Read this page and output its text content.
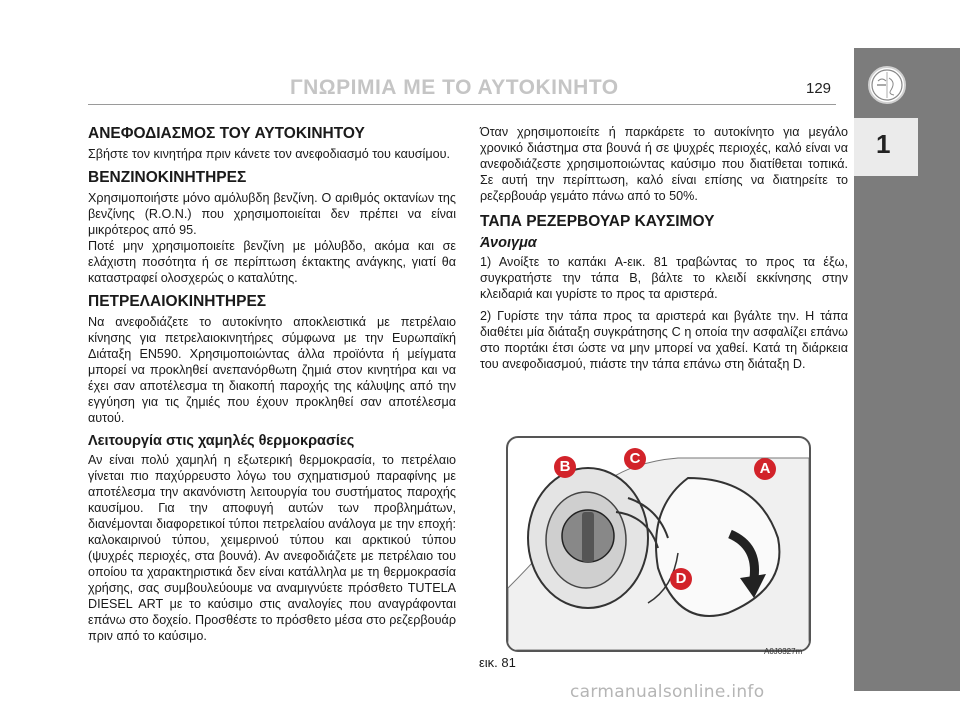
ΓΝΩΡΙΜΙΑ ΜΕ ΤΟ ΑΥΤΟΚΙΝΗΤΟ	129
1
ΑΝΕΦΟΔΙΑΣΜΟΣ ΤΟΥ ΑΥΤΟΚΙΝΗΤΟΥ

Σβήστε τον κινητήρα πριν κάνετε τον ανεφοδιασμό του καυσίμου.

ΒΕΝΖΙΝΟΚΙΝΗΤΗΡΕΣ

Χρησιμοποιήστε μόνο αμόλυβδη βενζίνη. Ο αριθμός οκτανίων της βενζίνης (R.O.N.) που χρησιμοποιείται δεν πρέπει να είναι μικρότερος από 95.

Ποτέ μην χρησιμοποιείτε βενζίνη με μόλυβδο, ακόμα και σε ελάχιστη ποσότητα ή σε περίπτωση έκτακτης ανάγκης, γιατί θα καταστραφεί ολοσχερώς ο καταλύτης.

ΠΕΤΡΕΛΑΙΟΚΙΝΗΤΗΡΕΣ

Να ανεφοδιάζετε το αυτοκίνητο αποκλειστικά με πετρέλαιο κίνησης για πετρελαιοκινητήρες σύμφωνα με την Ευρωπαϊκή Διάταξη EN590. Χρησιμοποιώντας άλλα προϊόντα ή μείγματα μπορεί να προκληθεί ανεπανόρθωτη ζημιά στον κινητήρα και να έχει σαν αποτέλεσμα τη διακοπή παροχής της κάλυψης από την εγγύηση για τις ζημιές που έχουν προκληθεί σαν αποτέλεσμα αυτού.

Λειτουργία στις χαμηλές θερμοκρασίες

Αν είναι πολύ χαμηλή η εξωτερική θερμοκρασία, το πετρέλαιο γίνεται πιο παχύρρευστο λόγω του σχηματισμού παραφίνης με αποτέλεσμα την ακανόνιστη λειτουργία του συστήματος παροχής καυσίμου. Για την αποφυγή αυτών των προβλημάτων, διανέμονται διαφορετικοί τύποι πετρελαίου ανάλογα με την εποχή: καλοκαιρινού τύπου, χειμερινού τύπου και αρκτικού τύπου (ψυχρές περιοχές, στα βουνά). Αν ανεφοδιάζετε με πετρέλαιο του οποίου τα χαρακτηριστικά δεν είναι κατάλληλα με τη θερμοκρασία χρήσης, σας συμβουλεύουμε να αναμιγνύετε πρόσθετο TUTELA DIESEL ART με το καύσιμο στις αναλογίες που αναγράφονται επάνω στο δοχείο. Προσθέστε το πρόσθετο μέσα στο ρεζερβουάρ πριν από το καύσιμο.

Όταν χρησιμοποιείτε ή παρκάρετε το αυτοκίνητο για μεγάλο χρονικό διάστημα στα βουνά ή σε ψυχρές περιοχές, καλό είναι να ανεφοδιάζεστε χρησιμοποιώντας καύσιμο που διατίθεται τοπικά. Σε αυτή την περίπτωση, καλό είναι επίσης να διατηρείτε το ρεζερβουάρ γεμάτο πάνω από το 50%.

ΤΑΠΑ ΡΕΖΕΡΒΟΥΑΡ ΚΑΥΣΙΜΟΥ
Άνοιγμα

1) Ανοίξτε το καπάκι A-εικ. 81 τραβώντας το προς τα έξω, συγκρατήστε την τάπα B, βάλτε το κλειδί εκκίνησης στην κλειδαριά και γυρίστε το προς τα αριστερά.

2) Γυρίστε την τάπα προς τα αριστερά και βγάλτε την. Η τάπα διαθέτει μία διάταξη συγκράτησης C η οποία την ασφαλίζει επάνω στο πορτάκι έτσι ώστε να μην μπορεί να χαθεί. Κατά τη διάρκεια του ανεφοδιασμού, πιάστε την τάπα επάνω στη διάταξη D.

B	C
A
D
εικ. 81
A0J0327m
carmanualsonline.info
